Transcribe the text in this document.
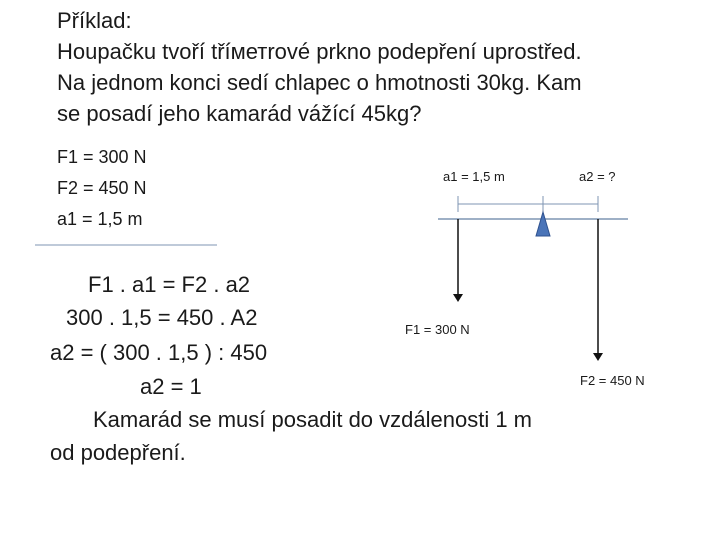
Příklad:
Houpačku tvoří tříметrové prkno podepření uprostřed.
Na jednom konci sedí chlapec o hmotnosti 30kg. Kam
se posadí jeho kamarád vážící 45kg?
F1 = 300 N
F2 = 450 N
a1 = 1,5 m
a1 = 1,5 m	a2 = ?
F1 = 300 N
F2 = 450 N
F1 . a1 = F2 . a2
300 . 1,5 = 450 . A2
a2 = ( 300 . 1,5 ) : 450
a2 = 1
Kamarád se musí posadit do vzdálenosti 1 m
od podepření.
